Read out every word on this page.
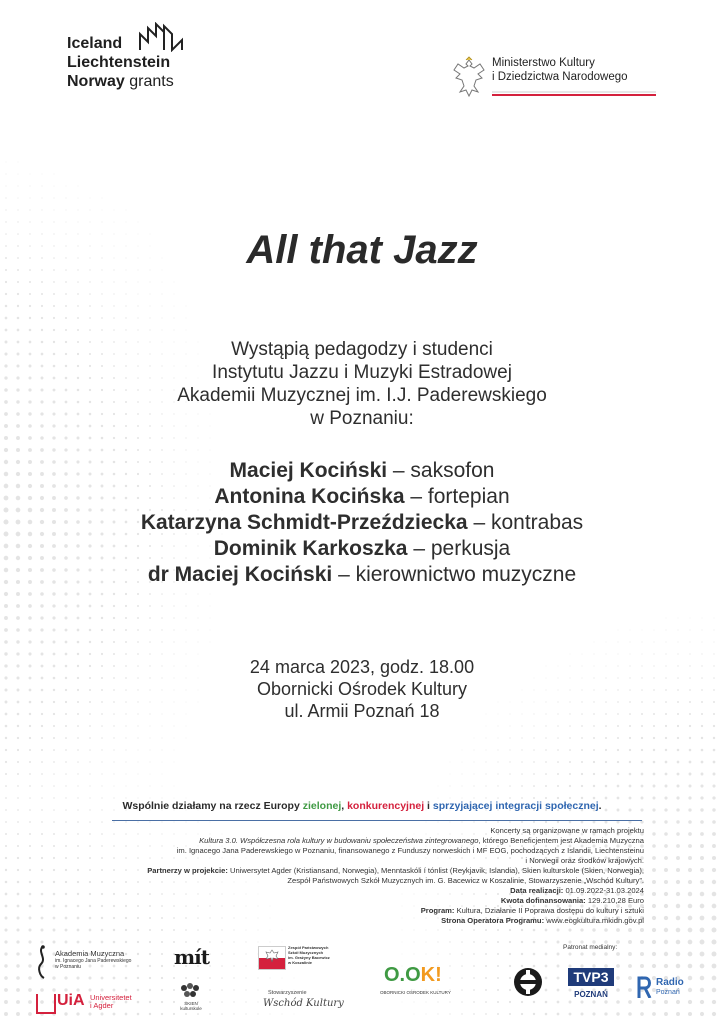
Iceland
Liechtenstein
Norway grants
Ministerstwo Kultury
i Dziedzictwa Narodowego
All that Jazz
Wystąpią pedagodzy i studenci
Instytutu Jazzu i Muzyki Estradowej
Akademii Muzycznej im. I.J. Paderewskiego
w Poznaniu:
Maciej Kociński – saksofon
Antonina Kocińska – fortepian
Katarzyna Schmidt-Przeździecka – kontrabas
Dominik Karkoszka – perkusja
dr Maciej Kociński – kierownictwo muzyczne
24 marca 2023, godz. 18.00
Obornicki Ośrodek Kultury
ul. Armii Poznań 18
Wspólnie działamy na rzecz Europy zielonej, konkurencyjnej i sprzyjającej integracji społecznej.
Koncerty są organizowane w ramach projektu
Kultura 3.0. Współczesna rola kultury w budowaniu społeczeństwa zintegrowanego, którego Beneficjentem jest Akademia Muzyczna
im. Ignacego Jana Paderewskiego w Poznaniu, finansowanego z Funduszy norweskich i MF EOG, pochodzących z Islandii, Liechtensteinu
i Norwegii oraz środków krajowych.
Partnerzy w projekcie: Uniwersytet Agder (Kristiansand, Norwegia), Menntaskóli í tónlist (Reykjavik, Islandia), Skien kulturskole (Skien, Norwegia),
Zespół Państwowych Szkół Muzycznych im. G. Bacewicz w Koszalinie, Stowarzyszenie „Wschód Kultury”.
Data realizacji: 01.09.2022-31.03.2024
Kwota dofinansowania: 129.210,28 Euro
Program: Kultura, Działanie II Poprawa dostępu do kultury i sztuki
Strona Operatora Programu: www.eogkultura.mkidn.gov.pl
Akademia Muzyczna
im. Ignacego Jana Paderewskiego
w Poznaniu	mít	Zespół Państwowych
Szkół Muzycznych
im. Grażyny Bacewicz
w Koszalinie
UiA Universitetet
i Agder	SKIEN
kulturskole
Stowarzyszenie
Wschód Kultury
O.OK!
OBORNICKI OŚRODEK KULTURY
Patronat medialny:
TVP3
POZNAŃ
Radio
Poznań
